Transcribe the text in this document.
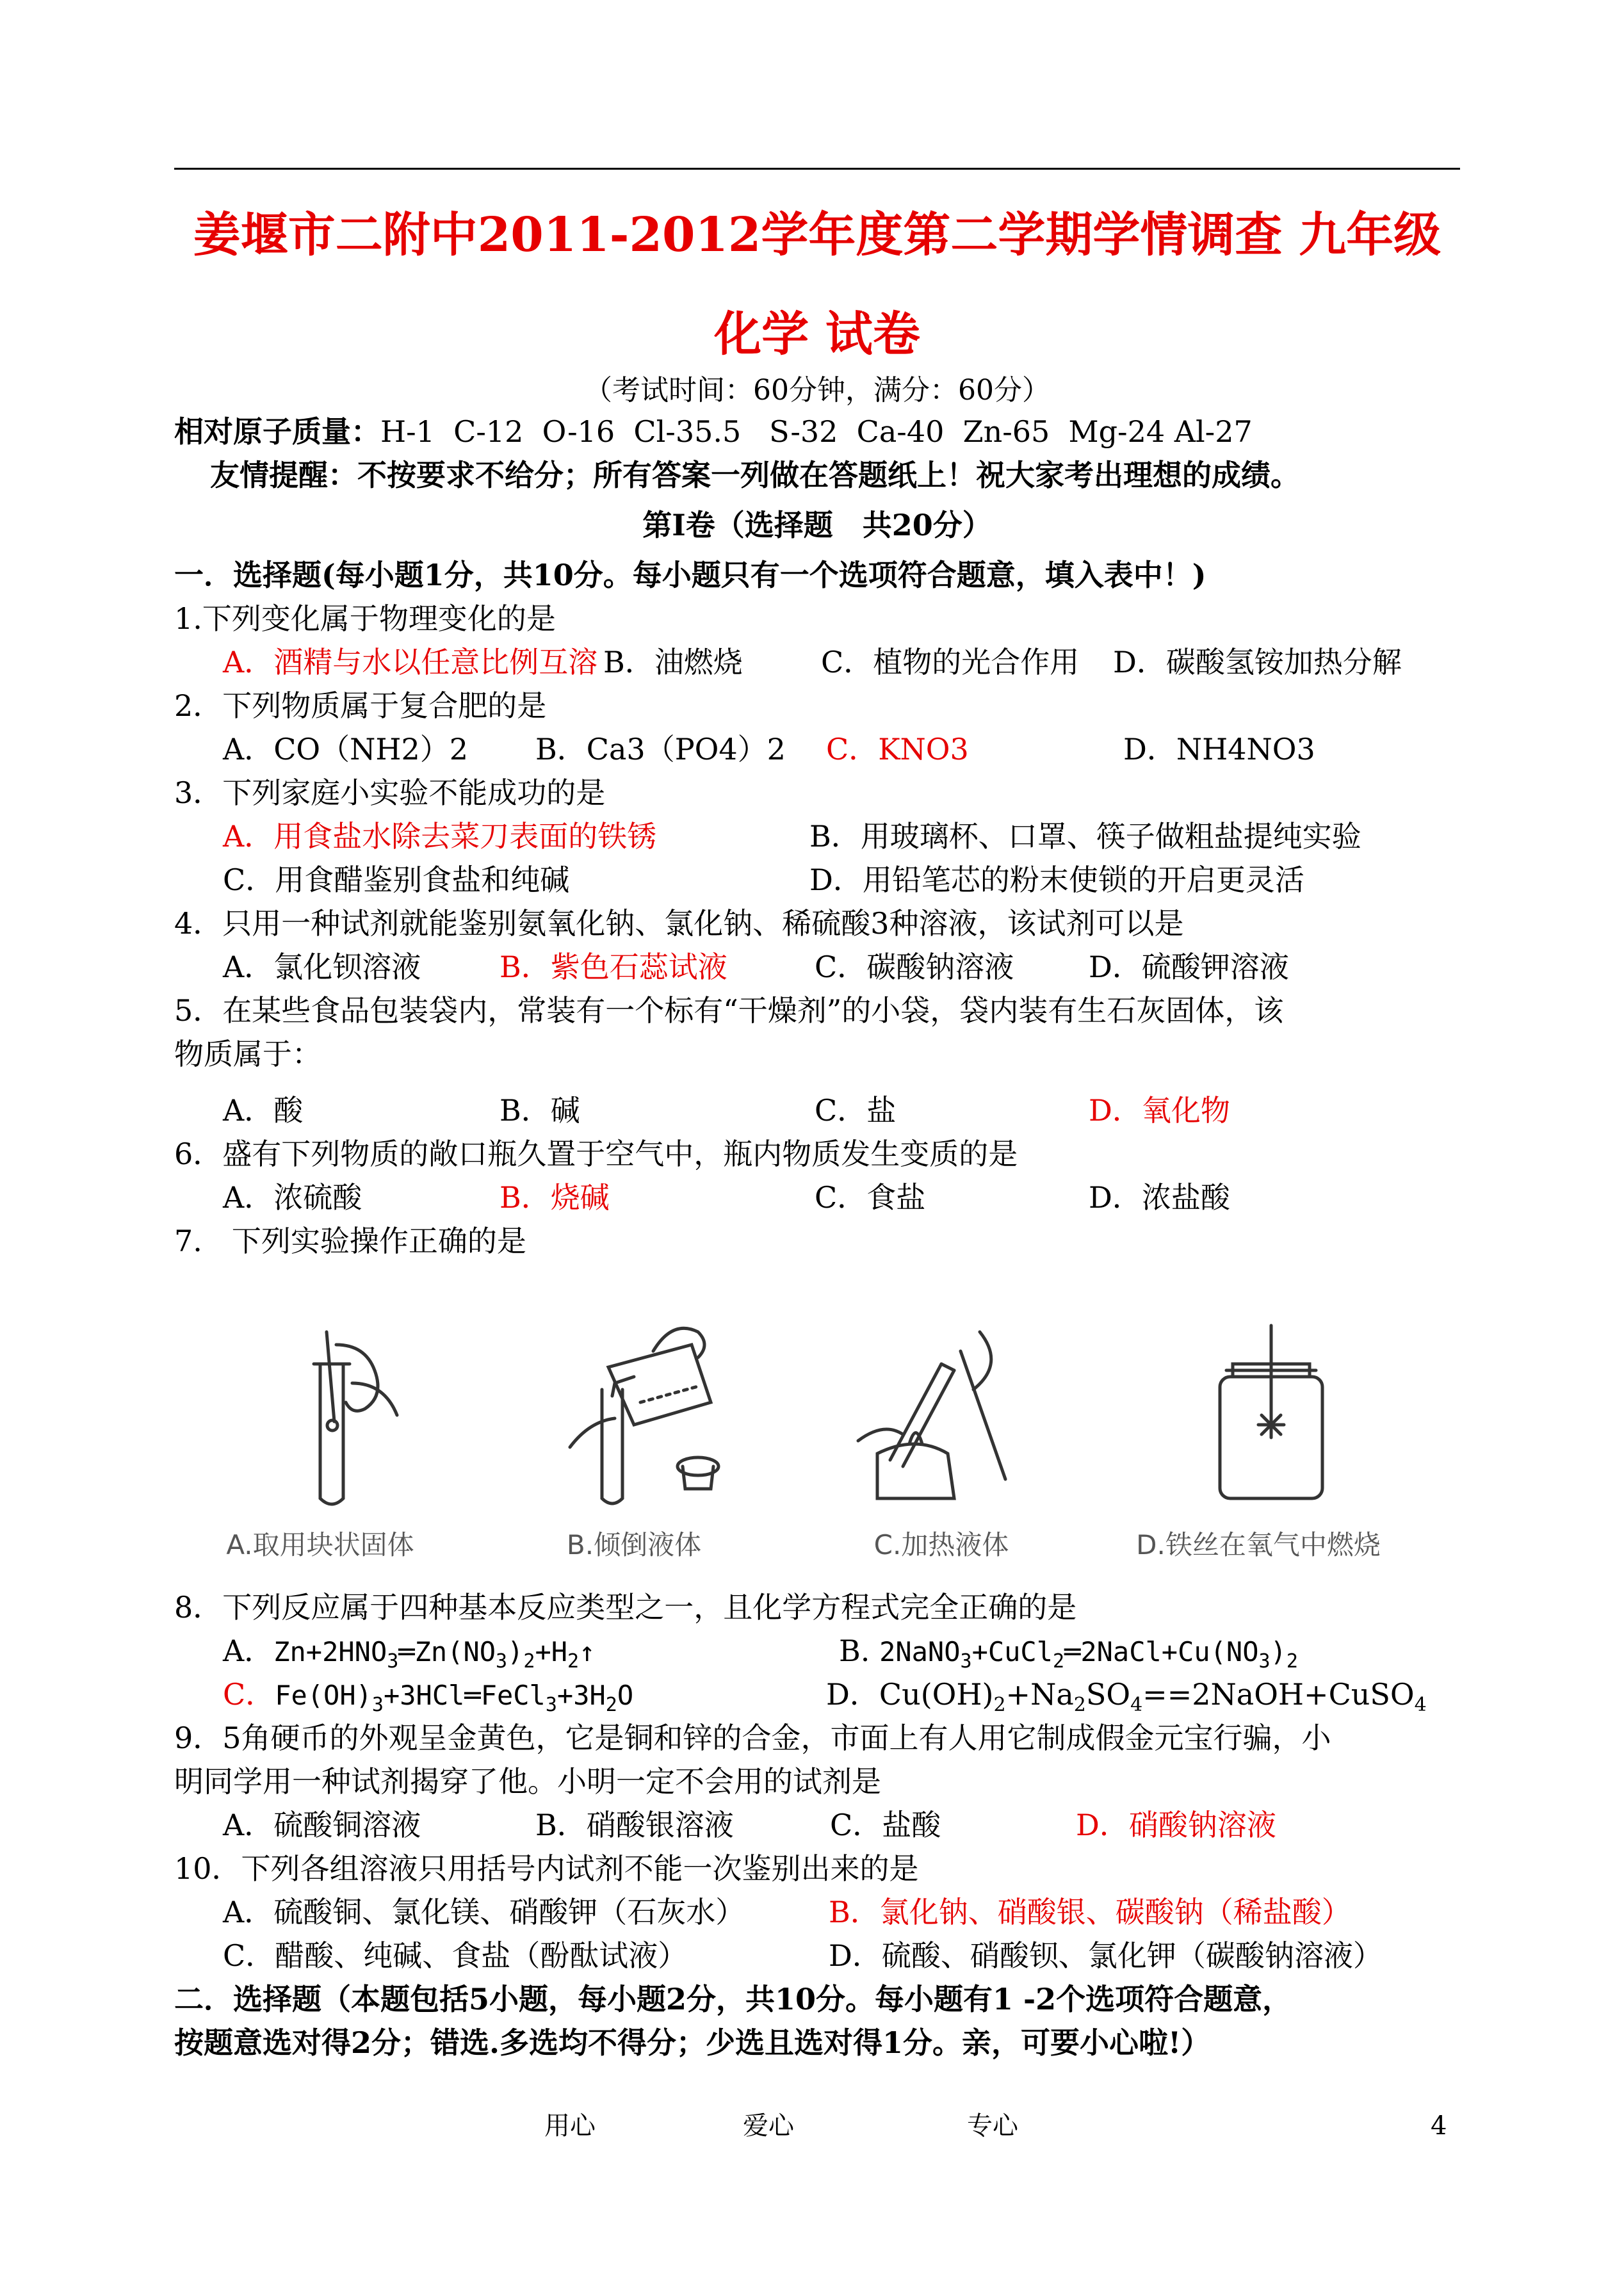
姜堰市二附中2011-2012学年度第二学期学情调查 九年级 化学 试卷
（考试时间：60分钟，满分：60分）
相对原子质量：H-1  C-12  O-16  Cl-35.5   S-32  Ca-40  Zn-65  Mg-24 Al-27
友情提醒：不按要求不给分；所有答案一列做在答题纸上！祝大家考出理想的成绩。
第Ⅰ卷（选择题　共20分）
一．选择题(每小题1分，共10分。每小题只有一个选项符合题意，填入表中！)
1.下列变化属于物理变化的是
A．酒精与水以任意比例互溶 B．油燃烧	C．植物的光合作用 D．碳酸氢铵加热分解
2．下列物质属于复合肥的是
A．CO（NH2）2 B．Ca3（PO4）2 C．KNO3	D．NH4NO3
3．下列家庭小实验不能成功的是
A．用食盐水除去菜刀表面的铁锈	B．用玻璃杯、口罩、筷子做粗盐提纯实验
C．用食醋鉴别食盐和纯碱	D．用铅笔芯的粉末使锁的开启更灵活
4．只用一种试剂就能鉴别氨氧化钠、氯化钠、稀硫酸3种溶液，该试剂可以是
A．氯化钡溶液	B．紫色石蕊试液	C．碳酸钠溶液	D．硫酸钾溶液
5．在某些食品包装袋内，常装有一个标有“干燥剂”的小袋，袋内装有生石灰固体，该
物质属于：
A．酸	B．碱	C．盐	D．氧化物
6．盛有下列物质的敞口瓶久置于空气中，瓶内物质发生变质的是
A．浓硫酸	B．烧碱	C．食盐	D．浓盐酸
7.　下列实验操作正确的是
A.取用块状固体	B.倾倒液体	C.加热液体	D.铁丝在氧气中燃烧
8．下列反应属于四种基本反应类型之一，且化学方程式完全正确的是
A．$Zn+2HNO_3═Zn(NO_3)_2+H_2↑$	B. $2NaNO_3+CuCl_2═2NaCl+Cu(NO_3)_2$
C．$Fe(OH)_3+3HCl═FeCl_3+3H_2O$	D．$Cu(OH)_2+Na_2SO_4==2NaOH+CuSO_4$
9．5角硬币的外观呈金黄色，它是铜和锌的合金，市面上有人用它制成假金元宝行骗，小
明同学用一种试剂揭穿了他。小明一定不会用的试剂是
A．硫酸铜溶液	B．硝酸银溶液	C．盐酸	D．硝酸钠溶液
10．下列各组溶液只用括号内试剂不能一次鉴别出来的是
A．硫酸铜、氯化镁、硝酸钾（石灰水）	B．氯化钠、硝酸银、碳酸钠（稀盐酸）
C．醋酸、纯碱、食盐（酚酞试液）	D．硫酸、硝酸钡、氯化钾（碳酸钠溶液）
二．选择题（本题包括5小题，每小题2分，共10分。每小题有1 -2个选项符合题意，
按题意选对得2分；错选.多选均不得分；少选且选对得1分。亲，可要小心啦!）
用心	爱心	专心	4
